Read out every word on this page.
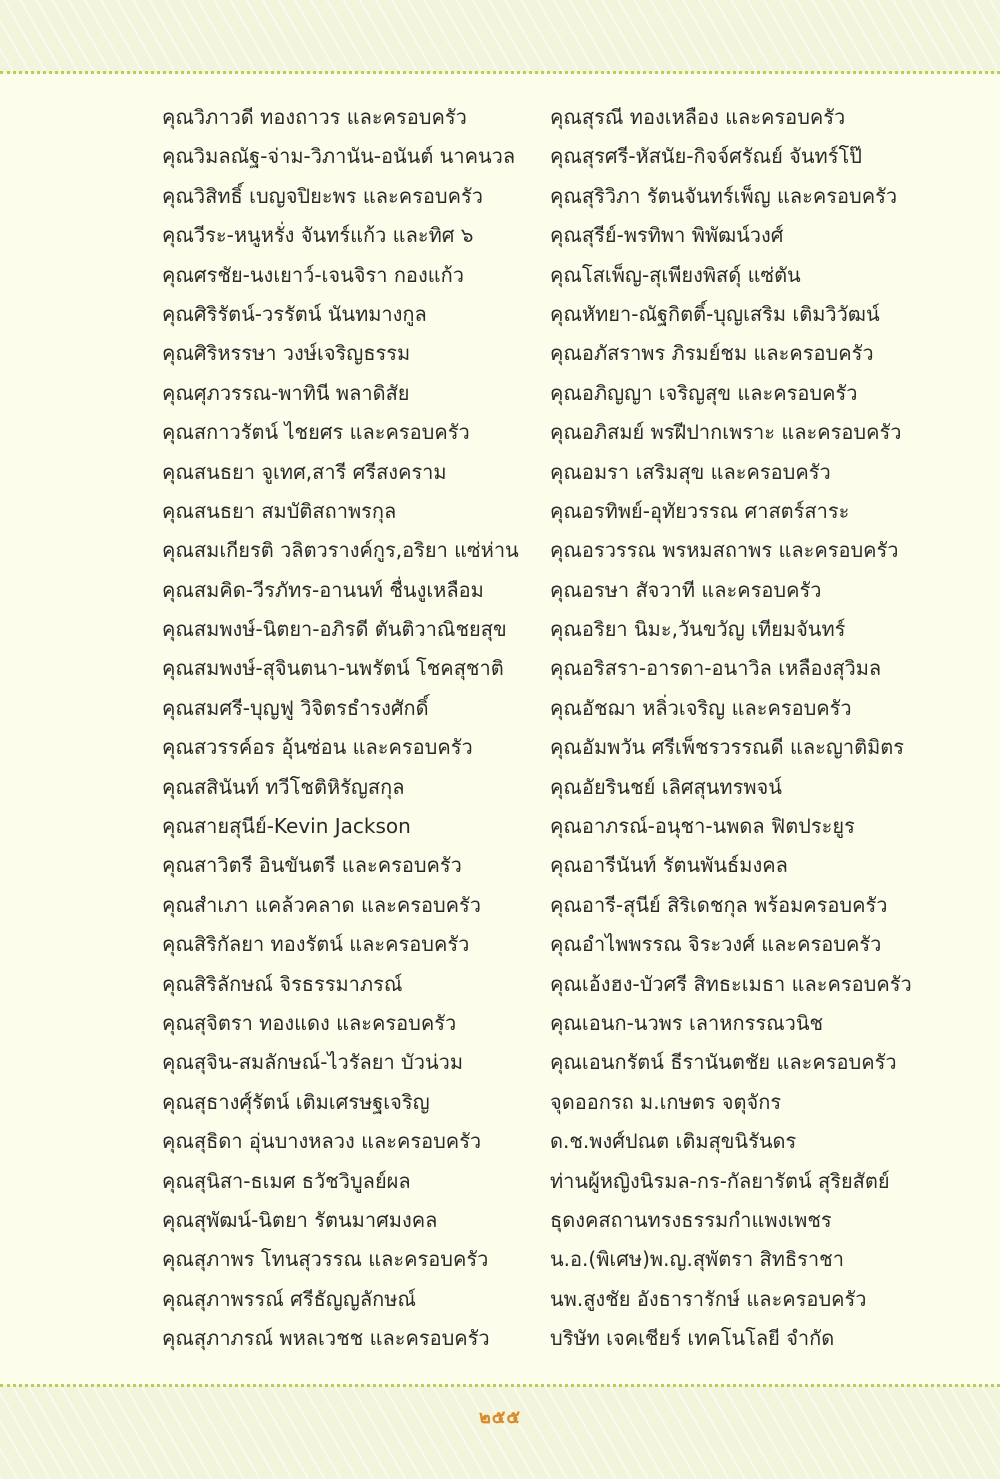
คุณวิภาวดี ทองถาวร และครอบครัว
คุณวิมลณัฐ-จ่าม-วิภานัน-อนันต์ นาคนวล
คุณวิสิทธิ์ เบญจปิยะพร และครอบครัว
คุณวีระ-หนูหรั่ง จันทร์แก้ว และทิศ ๖
คุณศรชัย-นงเยาว์-เจนจิรา กองแก้ว
คุณศิริรัตน์-วรรัตน์ นันทมางกูล
คุณศิริหรรษา วงษ์เจริญธรรม
คุณศุภวรรณ-พาทินี พลาดิสัย
คุณสกาวรัตน์ ไชยศร และครอบครัว
คุณสนธยา จูเทศ,สารี ศรีสงคราม
คุณสนธยา สมบัติสถาพรกุล
คุณสมเกียรติ วลิตวรางค์กูร,อริยา แซ่ห่าน
คุณสมคิด-วีรภัทร-อานนท์ ชื่นงูเหลือม
คุณสมพงษ์-นิตยา-อภิรดี ตันติวาณิชยสุข
คุณสมพงษ์-สุจินตนา-นพรัตน์ โชคสุชาติ
คุณสมศรี-บุญฟู วิจิตรธำรงศักดิ์
คุณสวรรค์อร อุ้นซ่อน และครอบครัว
คุณสสินันท์ ทวีโชติหิรัญสกุล
คุณสายสุนีย์-Kevin Jackson
คุณสาวิตรี อินขันตรี และครอบครัว
คุณสำเภา แคล้วคลาด และครอบครัว
คุณสิริกัลยา ทองรัตน์ และครอบครัว
คุณสิริลักษณ์ จิรธรรมาภรณ์
คุณสุจิตรา ทองแดง และครอบครัว
คุณสุจิน-สมลักษณ์-ไวรัลยา บัวน่วม
คุณสุธางศุ์รัตน์ เติมเศรษฐเจริญ
คุณสุธิดา อุ่นบางหลวง และครอบครัว
คุณสุนิสา-ธเมศ ธวัชวิบูลย์ผล
คุณสุพัฒน์-นิตยา รัตนมาศมงคล
คุณสุภาพร โทนสุวรรณ และครอบครัว
คุณสุภาพรรณ์ ศรีธัญญลักษณ์
คุณสุภาภรณ์ พหลเวชช และครอบครัว
คุณสุรณี ทองเหลือง และครอบครัว
คุณสุรศรี-หัสนัย-กิจจ์ศรัณย์ จันทร์โป๊
คุณสุริวิภา รัตนจันทร์เพ็ญ และครอบครัว
คุณสุรีย์-พรทิพา พิพัฒน์วงศ์
คุณโสเพ็ญ-สุเพียงพิสดุ์ แซ่ตัน
คุณหัทยา-ณัฐกิตติ์-บุญเสริม เติมวิวัฒน์
คุณอภัสราพร ภิรมย์ชม และครอบครัว
คุณอภิญญา เจริญสุข และครอบครัว
คุณอภิสมย์ พรฝีปากเพราะ และครอบครัว
คุณอมรา เสริมสุข และครอบครัว
คุณอรทิพย์-อุทัยวรรณ ศาสตร์สาระ
คุณอรวรรณ พรหมสถาพร และครอบครัว
คุณอรษา สัจวาที และครอบครัว
คุณอริยา นิมะ,วันขวัญ เทียมจันทร์
คุณอริสรา-อารดา-อนาวิล เหลืองสุวิมล
คุณอัชฌา หลิ่วเจริญ และครอบครัว
คุณอัมพวัน ศรีเพ็ชรวรรณดี และญาติมิตร
คุณอัยรินชย์ เลิศสุนทรพจน์
คุณอาภรณ์-อนุชา-นพดล ฟิตประยูร
คุณอารีนันท์ รัตนพันธ์มงคล
คุณอารี-สุนีย์ สิริเดชกุล พร้อมครอบครัว
คุณอำไพพรรณ จิระวงศ์ และครอบครัว
คุณเอ้งฮง-บัวศรี สิทธะเมธา และครอบครัว
คุณเอนก-นวพร เลาหกรรณวนิช
คุณเอนกรัตน์ ธีรานันตชัย และครอบครัว
จุดออกรถ ม.เกษตร จตุจักร
ด.ช.พงศ์ปณต เติมสุขนิรันดร
ท่านผู้หญิงนิรมล-กร-กัลยารัตน์ สุริยสัตย์
ธุดงคสถานทรงธรรมกำแพงเพชร
น.อ.(พิเศษ)พ.ญ.สุพัตรา สิทธิราชา
นพ.สูงชัย อังธารารักษ์ และครอบครัว
บริษัท เจคเชียร์ เทคโนโลยี จำกัด
๒๕๕
